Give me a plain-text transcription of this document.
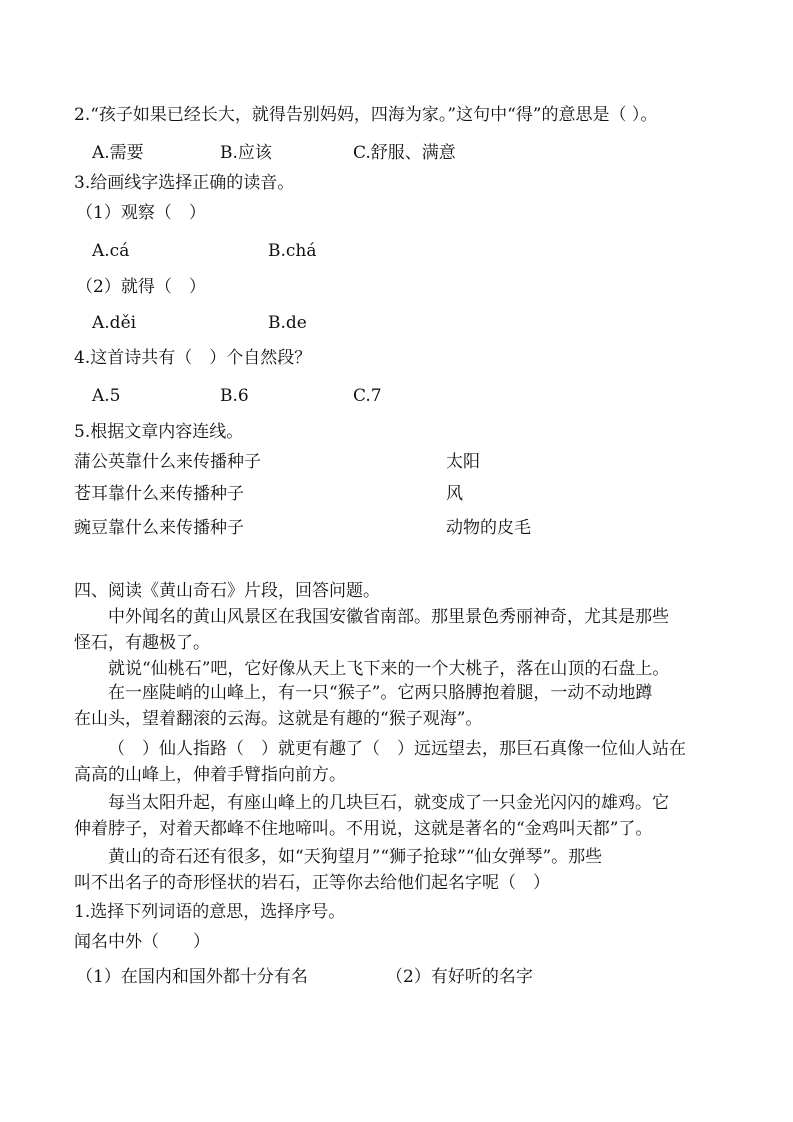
2.“孩子如果已经长大，就得告别妈妈，四海为家。”这句中“得”的意思是（ ）。
A.需要	B.应该	C.舒服、满意
3.给画线字选择正确的读音。
（1）观察（　）
A.cá	B.chá
（2）就得（　）
A.děi	B.de
4.这首诗共有（　）个自然段？
A.5	B.6	C.7
5.根据文章内容连线。
蒲公英靠什么来传播种子	太阳
苍耳靠什么来传播种子	风
豌豆靠什么来传播种子	动物的皮毛
四、阅读《黄山奇石》片段，回答问题。
中外闻名的黄山风景区在我国安徽省南部。那里景色秀丽神奇，尤其是那些
怪石，有趣极了。
就说“仙桃石”吧，它好像从天上飞下来的一个大桃子，落在山顶的石盘上。
在一座陡峭的山峰上，有一只“猴子”。它两只胳膊抱着腿，一动不动地蹲
在山头，望着翻滚的云海。这就是有趣的“猴子观海”。
（　）仙人指路（　）就更有趣了（　）远远望去，那巨石真像一位仙人站在
高高的山峰上，伸着手臂指向前方。
每当太阳升起，有座山峰上的几块巨石，就变成了一只金光闪闪的雄鸡。它
伸着脖子，对着天都峰不住地啼叫。不用说，这就是著名的“金鸡叫天都”了。
黄山的奇石还有很多，如“天狗望月”“狮子抢球”“仙女弹琴”。那些
叫不出名子的奇形怪状的岩石，正等你去给他们起名字呢（　）
1.选择下列词语的意思，选择序号。
闻名中外（　　）
（1）在国内和国外都十分有名	（2）有好听的名字
